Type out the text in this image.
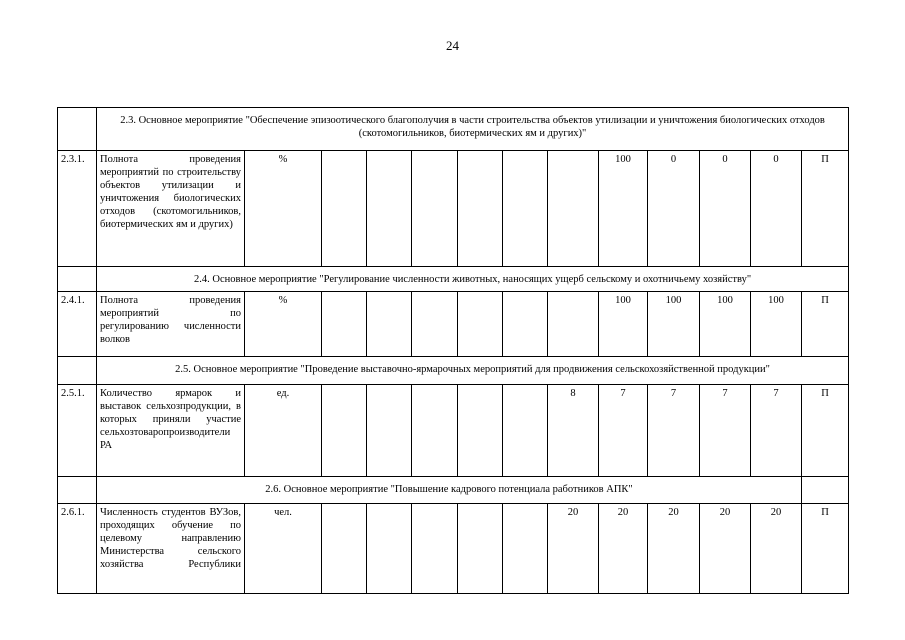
24
	2.3. Основное мероприятие "Обеспечение эпизоотического благополучия в части строительства объектов утилизации и уничтожения биологических отходов (скотомогильников, биотермических ям и других)"												
2.3.1.	Полнота проведения мероприятий по строительству объектов утилизации и уничтожения биологических отходов (скотомогильников, биотермических ям и других)	%							100	0	0	0	П
	2.4. Основное мероприятие "Регулирование численности животных, наносящих ущерб сельскому и охотничьему хозяйству"												
2.4.1.	Полнота проведения мероприятий по регулированию численности волков	%							100	100	100	100	П
	2.5. Основное мероприятие "Проведение выставочно-ярмарочных мероприятий для продвижения сельскохозяйственной продукции"												
2.5.1.	Количество ярмарок и выставок сельхозпродукции, в которых приняли участие сельхозтоваропроизводители РА	ед.						8	7	7	7	7	П
	2.6. Основное мероприятие "Повышение кадрового потенциала работников АПК"												
2.6.1.	Численность студентов ВУЗов, проходящих обучение по целевому направлению Министерства сельского хозяйства Республики	чел.						20	20	20	20	20	П
